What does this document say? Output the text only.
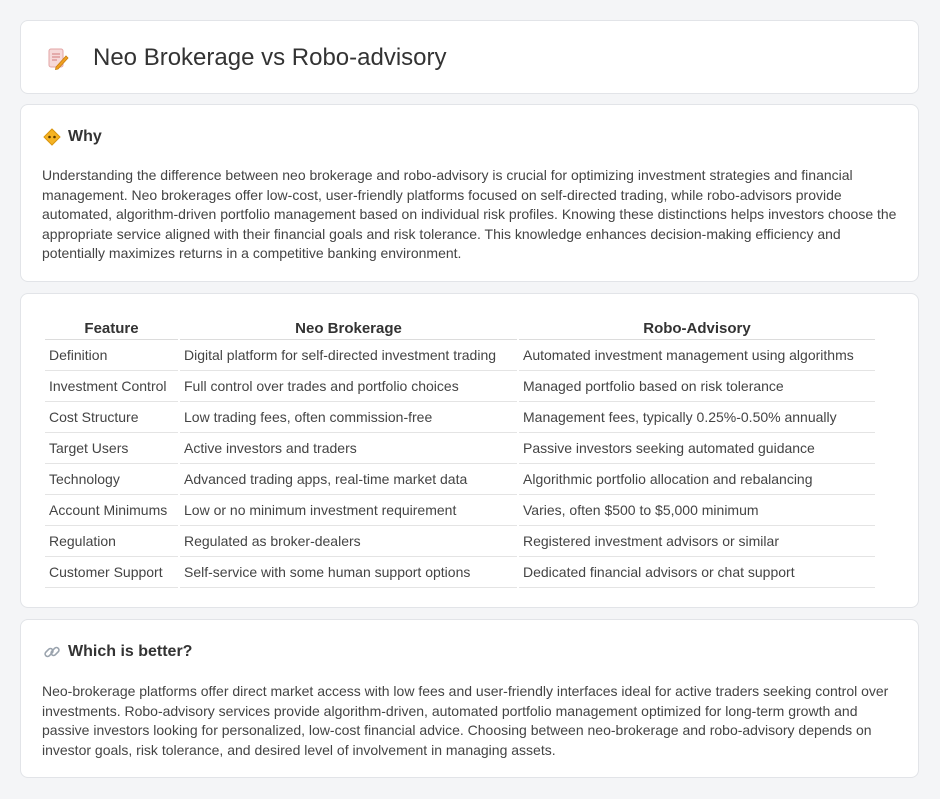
Neo Brokerage vs Robo-advisory
Why

Understanding the difference between neo brokerage and robo-advisory is crucial for optimizing investment strategies and financial management. Neo brokerages offer low-cost, user-friendly platforms focused on self-directed trading, while robo-advisors provide automated, algorithm-driven portfolio management based on individual risk profiles. Knowing these distinctions helps investors choose the appropriate service aligned with their financial goals and risk tolerance. This knowledge enhances decision-making efficiency and potentially maximizes returns in a competitive banking environment.

Feature	Neo Brokerage	Robo-Advisory
Definition	Digital platform for self-directed investment trading	Automated investment management using algorithms
Investment Control	Full control over trades and portfolio choices	Managed portfolio based on risk tolerance
Cost Structure	Low trading fees, often commission-free	Management fees, typically 0.25%-0.50% annually
Target Users	Active investors and traders	Passive investors seeking automated guidance
Technology	Advanced trading apps, real-time market data	Algorithmic portfolio allocation and rebalancing
Account Minimums	Low or no minimum investment requirement	Varies, often $500 to $5,000 minimum
Regulation	Regulated as broker-dealers	Registered investment advisors or similar
Customer Support	Self-service with some human support options	Dedicated financial advisors or chat support
Which is better?

Neo-brokerage platforms offer direct market access with low fees and user-friendly interfaces ideal for active traders seeking control over investments. Robo-advisory services provide algorithm-driven, automated portfolio management optimized for long-term growth and passive investors looking for personalized, low-cost financial advice. Choosing between neo-brokerage and robo-advisory depends on investor goals, risk tolerance, and desired level of involvement in managing assets.
